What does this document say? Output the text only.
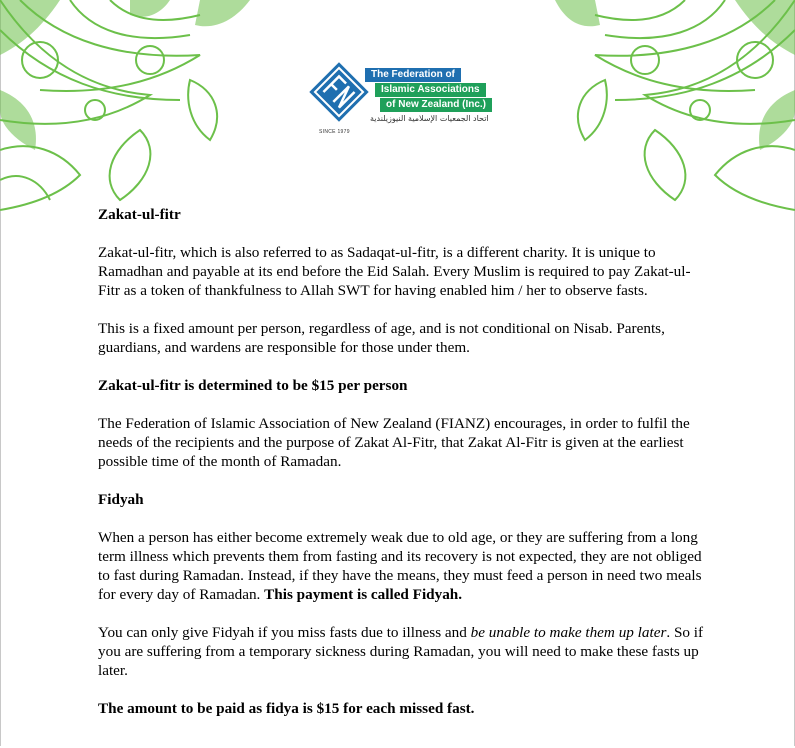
The Federation of
Islamic Associations
of New Zealand (Inc.)
اتحاد الجمعيات الإسلامية النيوزيلندية
SINCE 1979
Zakat-ul-fitr

Zakat-ul-fitr, which is also referred to as Sadaqat-ul-fitr, is a different charity. It is unique to Ramadhan and payable at its end before the Eid Salah. Every Muslim is required to pay Zakat-ul-Fitr as a token of thankfulness to Allah SWT for having enabled him / her to observe fasts.

This is a fixed amount per person, regardless of age, and is not conditional on Nisab. Parents, guardians, and wardens are responsible for those under them.

Zakat-ul-fitr is determined to be $15 per person

The Federation of Islamic Association of New Zealand (FIANZ) encourages, in order to fulfil the needs of the recipients and the purpose of Zakat Al-Fitr, that Zakat Al-Fitr is given at the earliest possible time of the month of Ramadan.

Fidyah

When a person has either become extremely weak due to old age, or they are suffering from a long term illness which prevents them from fasting and its recovery is not expected, they are not obliged to fast during Ramadan. Instead, if they have the means, they must feed a person in need two meals for every day of Ramadan. This payment is called Fidyah.

You can only give Fidyah if you miss fasts due to illness and be unable to make them up later. So if you are suffering from a temporary sickness during Ramadan, you will need to make these fasts up later.

The amount to be paid as fidya is $15 for each missed fast.
